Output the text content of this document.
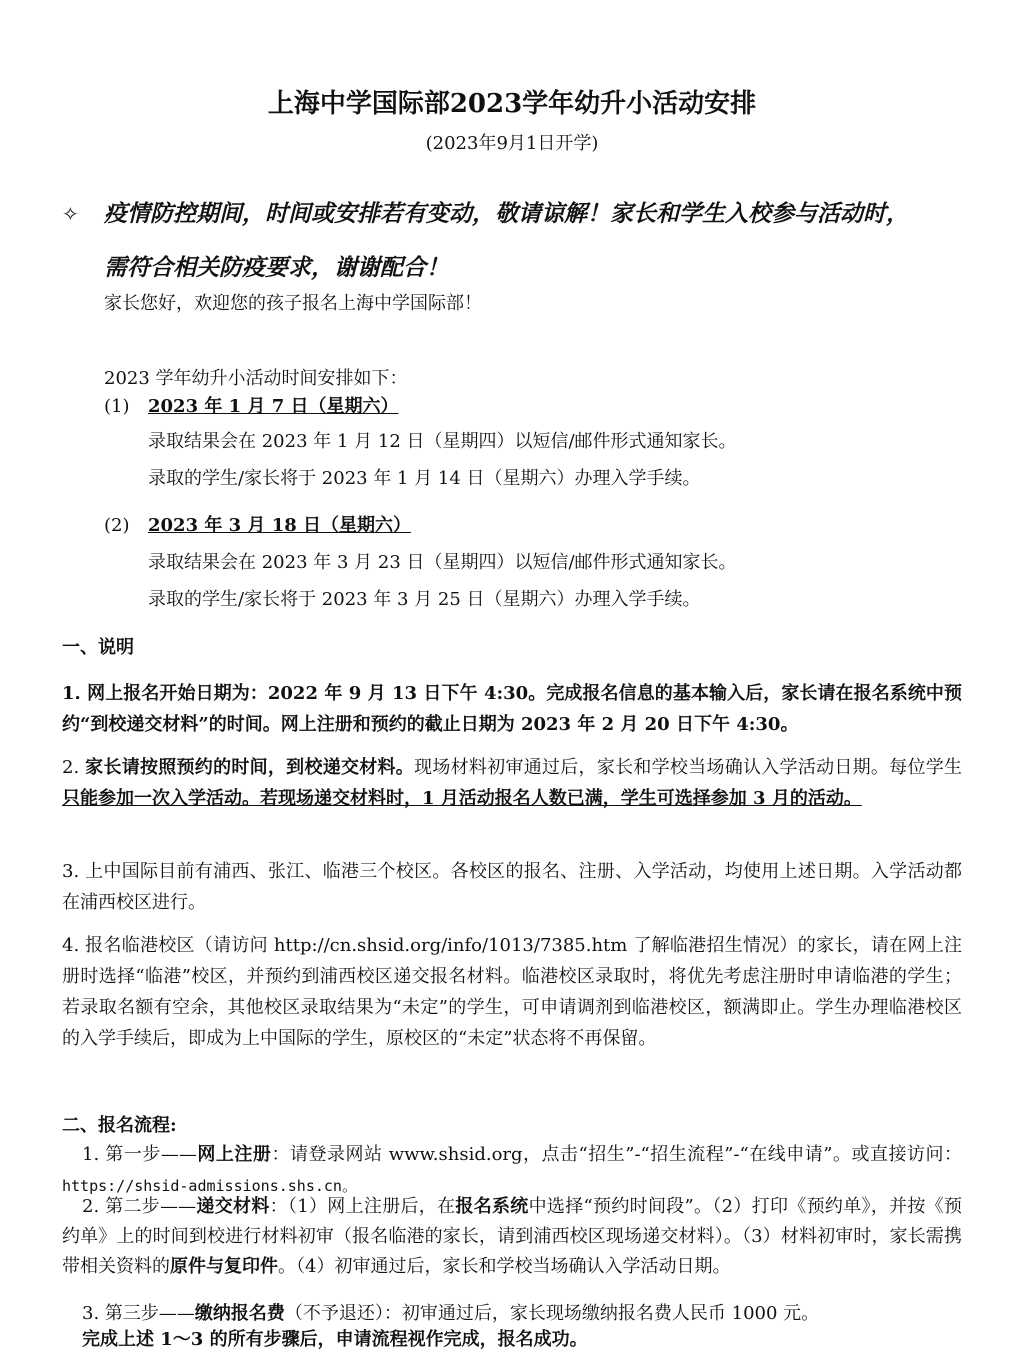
上海中学国际部2023学年幼升小活动安排
(2023年9月1日开学)
✧ 疫情防控期间，时间或安排若有变动，敬请谅解！家长和学生入校参与活动时，
需符合相关防疫要求，谢谢配合！
家长您好，欢迎您的孩子报名上海中学国际部！
2023 学年幼升小活动时间安排如下：
(1) 2023 年 1 月 7 日（星期六）
录取结果会在 2023 年 1 月 12 日（星期四）以短信/邮件形式通知家长。
录取的学生/家长将于 2023 年 1 月 14 日（星期六）办理入学手续。
(2) 2023 年 3 月 18 日（星期六）
录取结果会在 2023 年 3 月 23 日（星期四）以短信/邮件形式通知家长。
录取的学生/家长将于 2023 年 3 月 25 日（星期六）办理入学手续。
一、说明
1. 网上报名开始日期为：2022 年 9 月 13 日下午 4:30。完成报名信息的基本输入后，家长请在报名系统中预约“到校递交材料”的时间。网上注册和预约的截止日期为 2023 年 2 月 20 日下午 4:30。
2. 家长请按照预约的时间，到校递交材料。现场材料初审通过后，家长和学校当场确认入学活动日期。每位学生只能参加一次入学活动。若现场递交材料时，1 月活动报名人数已满，学生可选择参加 3 月的活动。
3. 上中国际目前有浦西、张江、临港三个校区。各校区的报名、注册、入学活动，均使用上述日期。入学活动都在浦西校区进行。
4. 报名临港校区（请访问 http://cn.shsid.org/info/1013/7385.htm 了解临港招生情况）的家长，请在网上注册时选择“临港”校区，并预约到浦西校区递交报名材料。临港校区录取时，将优先考虑注册时申请临港的学生；若录取名额有空余，其他校区录取结果为“未定”的学生，可申请调剂到临港校区，额满即止。学生办理临港校区的入学手续后，即成为上中国际的学生，原校区的“未定”状态将不再保留。
二、报名流程:
1. 第一步——网上注册：请登录网站 www.shsid.org，点击“招生”-“招生流程”-“在线申请”。或直接访问：https://shsid-admissions.shs.cn。
2. 第二步——递交材料：（1）网上注册后，在报名系统中选择“预约时间段”。（2）打印《预约单》，并按《预约单》上的时间到校进行材料初审（报名临港的家长，请到浦西校区现场递交材料）。（3）材料初审时，家长需携带相关资料的原件与复印件。（4）初审通过后，家长和学校当场确认入学活动日期。
3. 第三步——缴纳报名费（不予退还）：初审通过后，家长现场缴纳报名费人民币 1000 元。
完成上述 1～3 的所有步骤后，申请流程视作完成，报名成功。
